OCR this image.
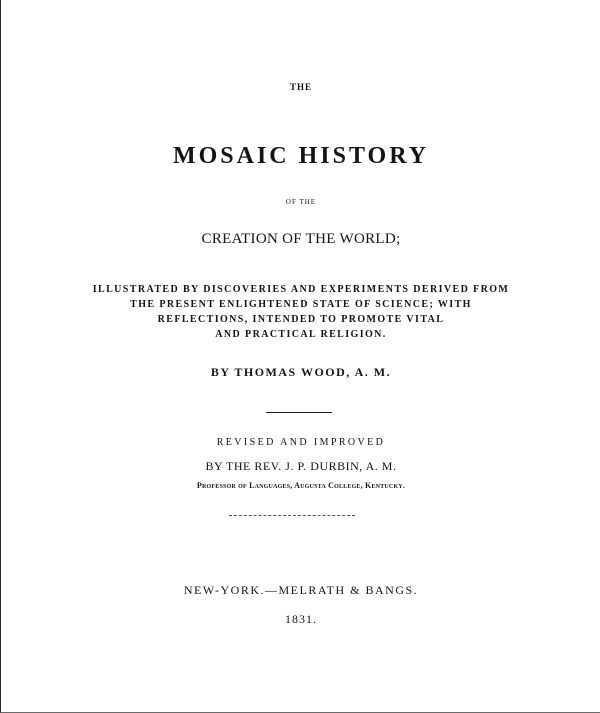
THE
MOSAIC HISTORY
OF THE
CREATION OF THE WORLD;
ILLUSTRATED BY DISCOVERIES AND EXPERIMENTS DERIVED FROM
THE PRESENT ENLIGHTENED STATE OF SCIENCE; WITH
REFLECTIONS, INTENDED TO PROMOTE VITAL
AND PRACTICAL RELIGION.
BY THOMAS WOOD, A. M.
REVISED AND IMPROVED
BY THE REV. J. P. DURBIN, A. M.
Professor of Languages, Augusta College, Kentucky.
NEW-YORK.—MELRATH & BANGS.
1831.
